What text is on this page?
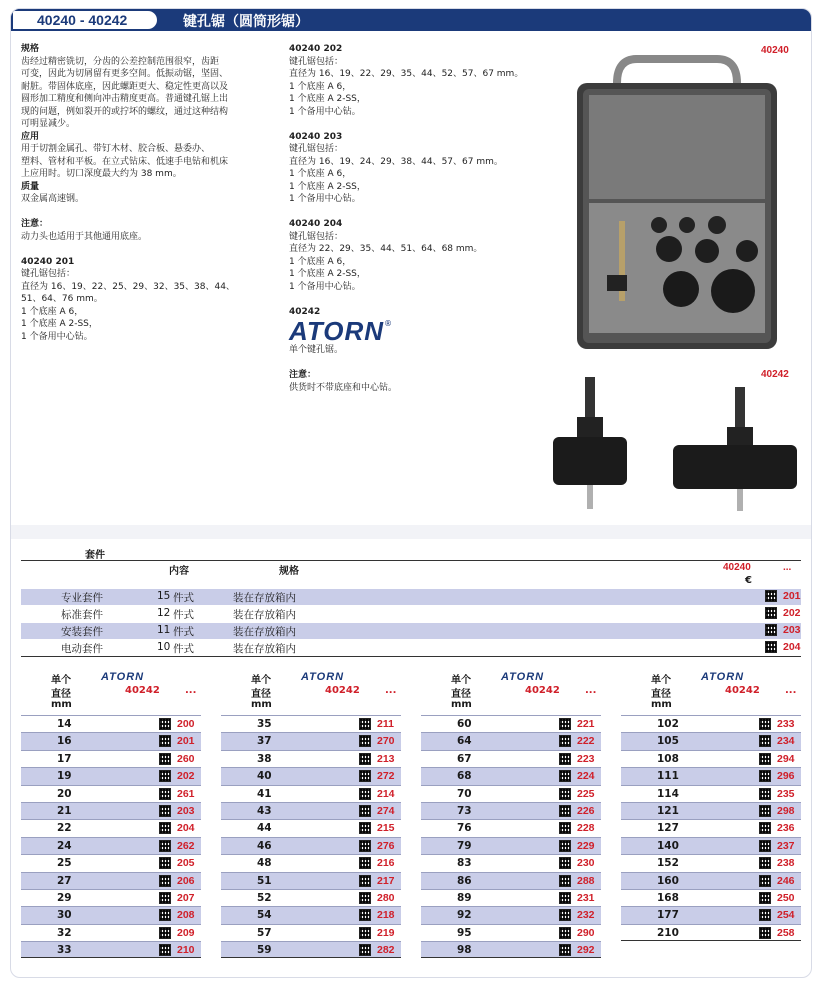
40240 - 40242	键孔锯（圆筒形锯）
规格
齿经过精密铣切，分齿的公差控制范围很窄，齿距
可变，因此为切屑留有更多空间。低振动锯，坚固、
耐脏。带固体底座，因此螺距更大、稳定性更高以及
圆形加工精度和侧向冲击精度更高。普通键孔锯上出
现的问题，例如裂开的或拧坏的螺纹，通过这种结构
可明显减少。
应用
用于切割金属孔、带钉木材、胶合板、悬委办、
塑料、管材和平板。在立式钻床、低速手电钻和机床
上应用时。切口深度最大约为 38 mm。
质量
双金属高速钢。

注意：
动力头也适用于其他通用底座。

40240 201
键孔锯包括：
直径为 16、19、22、25、29、32、35、38、44、
51、64、76 mm。
1 个底座 A 6，
1 个底座 A 2-SS，
1 个备用中心钻。
40240 202
键孔锯包括：
直径为 16、19、22、29、35、44、52、57、67 mm。
1 个底座 A 6，
1 个底座 A 2-SS，
1 个备用中心钻。

40240 203
键孔锯包括：
直径为 16、19、24、29、38、44、57、67 mm。
1 个底座 A 6，
1 个底座 A 2-SS，
1 个备用中心钻。

40240 204
键孔锯包括：
直径为 22、29、35、44、51、64、68 mm。
1 个底座 A 6，
1 个底座 A 2-SS，
1 个备用中心钻。

40242
ATORN®
单个键孔锯。

注意：
供货时不带底座和中心钻。
40240
40242
套件
内容	规格	40240	...
€
专业套件	15 件式	装在存放箱内	201
标准套件	12 件式	装在存放箱内	202
安装套件	11 件式	装在存放箱内	203
电动套件	10 件式	装在存放箱内	204
单个
直径
mm
ATORN
40242	...
14	200
16	201
17	260
19	202
20	261
21	203
22	204
24	262
25	205
27	206
29	207
30	208
32	209
33	210
单个
直径
mm
ATORN
40242	...
35	211
37	270
38	213
40	272
41	214
43	274
44	215
46	276
48	216
51	217
52	280
54	218
57	219
59	282
单个
直径
mm
ATORN
40242	...
60	221
64	222
67	223
68	224
70	225
73	226
76	228
79	229
83	230
86	288
89	231
92	232
95	290
98	292
单个
直径
mm
ATORN
40242	...
102	233
105	234
108	294
111	296
114	235
121	298
127	236
140	237
152	238
160	246
168	250
177	254
210	258
